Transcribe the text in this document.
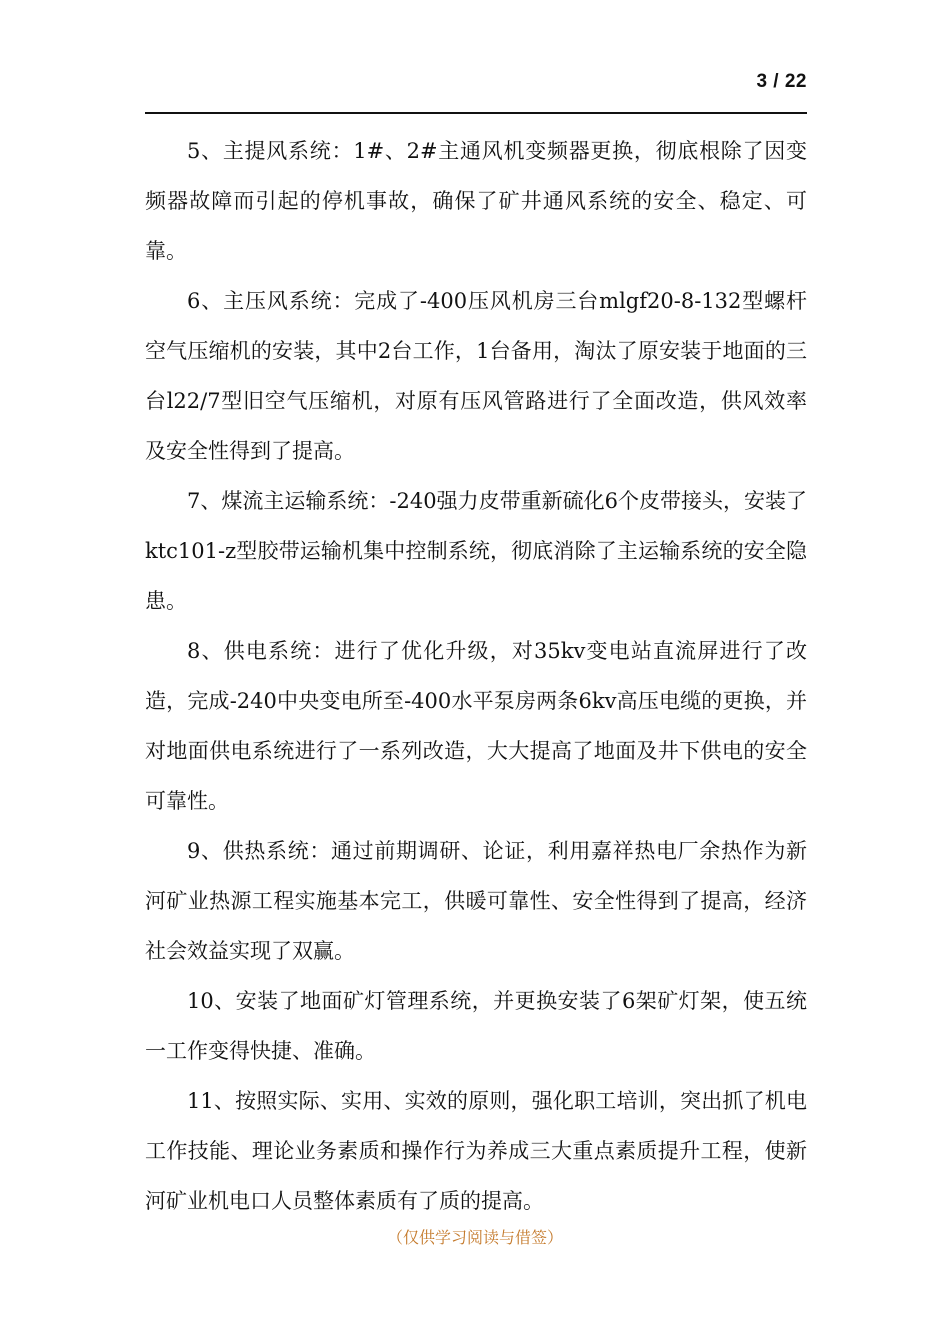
3 / 22

5、主提风系统：1#、2#主通风机变频器更换，彻底根除了因变频器故障而引起的停机事故，确保了矿井通风系统的安全、稳定、可靠。

6、主压风系统：完成了-400压风机房三台mlgf20-8-132型螺杆空气压缩机的安装，其中2台工作，1台备用，淘汰了原安装于地面的三台l22/7型旧空气压缩机，对原有压风管路进行了全面改造，供风效率及安全性得到了提高。

7、煤流主运输系统：-240强力皮带重新硫化6个皮带接头，安装了ktc101-z型胶带运输机集中控制系统，彻底消除了主运输系统的安全隐患。

8、供电系统：进行了优化升级，对35kv变电站直流屏进行了改造，完成-240中央变电所至-400水平泵房两条6kv高压电缆的更换，并对地面供电系统进行了一系列改造，大大提高了地面及井下供电的安全可靠性。

9、供热系统：通过前期调研、论证，利用嘉祥热电厂余热作为新河矿业热源工程实施基本完工，供暖可靠性、安全性得到了提高，经济社会效益实现了双赢。

10、安装了地面矿灯管理系统，并更换安装了6架矿灯架，使五统一工作变得快捷、准确。

11、按照实际、实用、实效的原则，强化职工培训，突出抓了机电工作技能、理论业务素质和操作行为养成三大重点素质提升工程，使新河矿业机电口人员整体素质有了质的提高。

（仅供学习阅读与借签）
